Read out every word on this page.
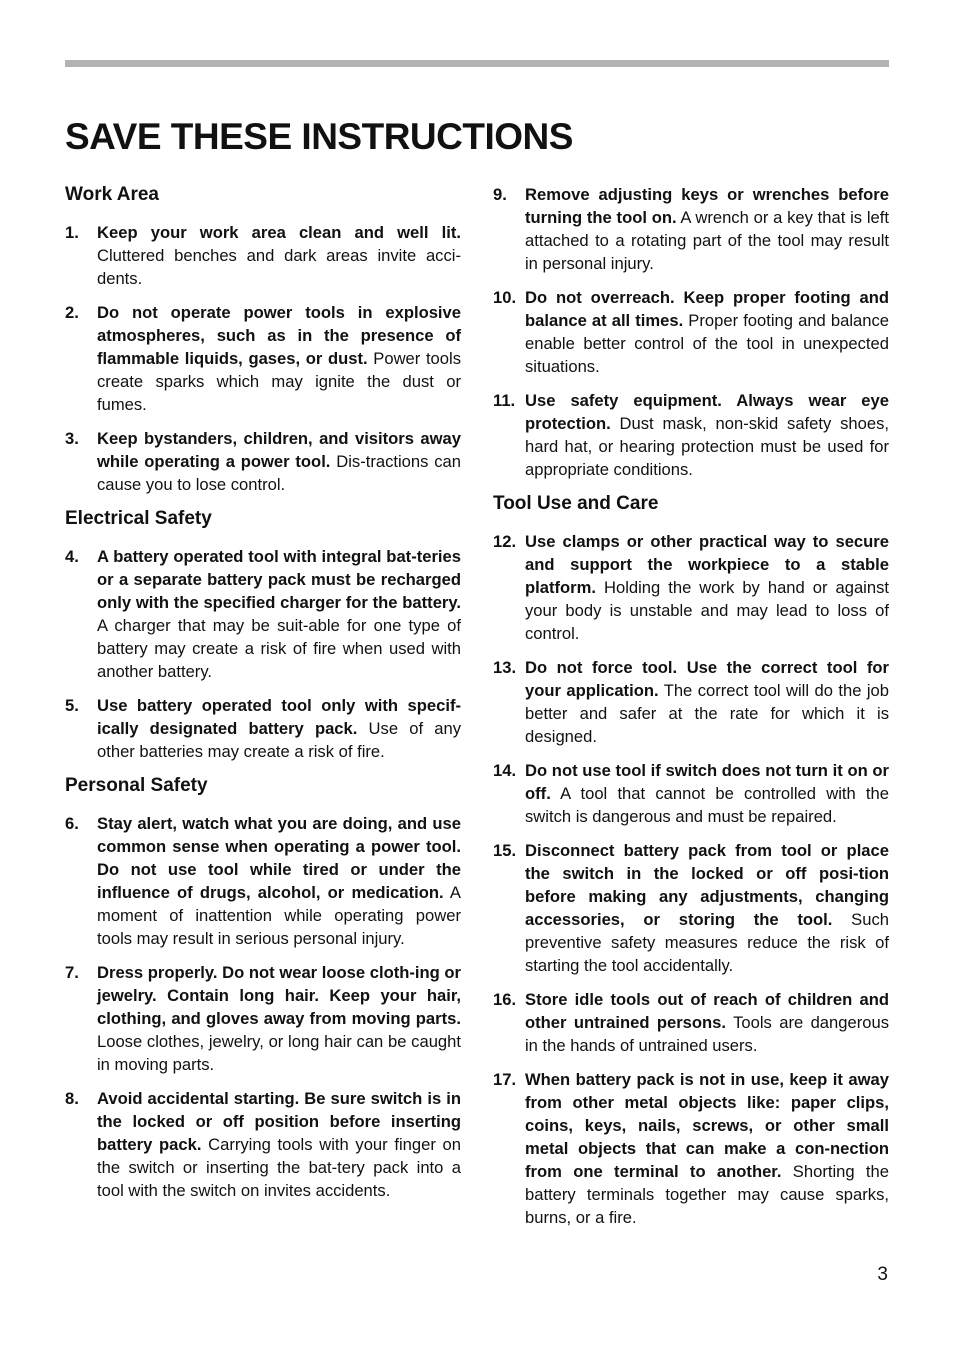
SAVE THESE INSTRUCTIONS
Work Area
1.	Keep your work area clean and well lit. Cluttered benches and dark areas invite acci-dents.
2.	Do not operate power tools in explosive atmospheres, such as in the presence of flammable liquids, gases, or dust. Power tools create sparks which may ignite the dust or fumes.
3.	Keep bystanders, children, and visitors away while operating a power tool. Dis-tractions can cause you to lose control.
Electrical Safety
4.	A battery operated tool with integral bat-teries or a separate battery pack must be recharged only with the specified charger for the battery. A charger that may be suit-able for one type of battery may create a risk of fire when used with another battery.
5.	Use battery operated tool only with specif-ically designated battery pack. Use of any other batteries may create a risk of fire.
Personal Safety
6.	Stay alert, watch what you are doing, and use common sense when operating a power tool. Do not use tool while tired or under the influence of drugs, alcohol, or medication. A moment of inattention while operating power tools may result in serious personal injury.
7.	Dress properly. Do not wear loose cloth-ing or jewelry. Contain long hair. Keep your hair, clothing, and gloves away from moving parts. Loose clothes, jewelry, or long hair can be caught in moving parts.
8.	Avoid accidental starting. Be sure switch is in the locked or off position before inserting battery pack. Carrying tools with your finger on the switch or inserting the bat-tery pack into a tool with the switch on invites accidents.
9.	Remove adjusting keys or wrenches before turning the tool on. A wrench or a key that is left attached to a rotating part of the tool may result in personal injury.
10. Do not overreach. Keep proper footing and balance at all times. Proper footing and balance enable better control of the tool in unexpected situations.
11. Use safety equipment. Always wear eye protection. Dust mask, non-skid safety shoes, hard hat, or hearing protection must be used for appropriate conditions.
Tool Use and Care
12. Use clamps or other practical way to secure and support the workpiece to a stable platform. Holding the work by hand or against your body is unstable and may lead to loss of control.
13. Do not force tool. Use the correct tool for your application. The correct tool will do the job better and safer at the rate for which it is designed.
14. Do not use tool if switch does not turn it on or off. A tool that cannot be controlled with the switch is dangerous and must be repaired.
15. Disconnect battery pack from tool or place the switch in the locked or off posi-tion before making any adjustments, changing accessories, or storing the tool. Such preventive safety measures reduce the risk of starting the tool accidentally.
16. Store idle tools out of reach of children and other untrained persons. Tools are dangerous in the hands of untrained users.
17. When battery pack is not in use, keep it away from other metal objects like: paper clips, coins, keys, nails, screws, or other small metal objects that can make a con-nection from one terminal to another. Shorting the battery terminals together may cause sparks, burns, or a fire.
3
